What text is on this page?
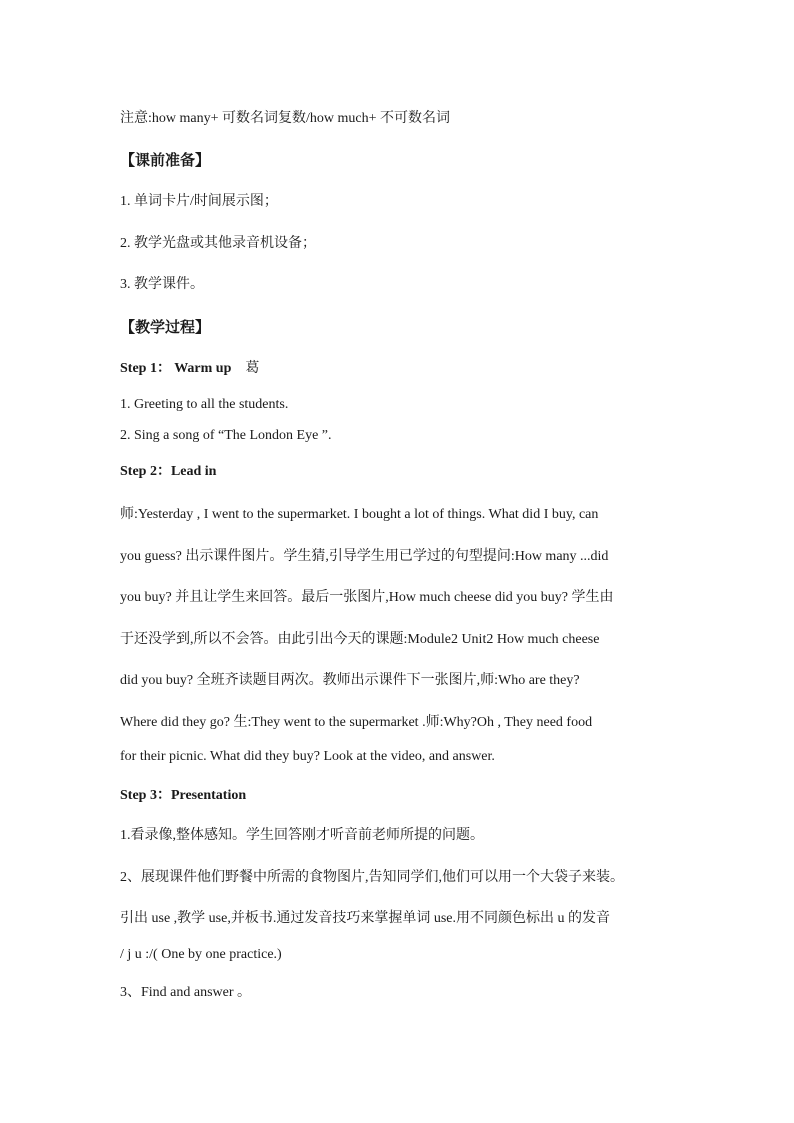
注意:how many+ 可数名词复数/how much+ 不可数名词
【课前准备】
1. 单词卡片/时间展示图；
2. 教学光盘或其他录音机设备；
3. 教学课件。
【教学过程】
Step 1： Warm up 葛
1. Greeting to all the students.
2. Sing a song of “The London Eye ”.
Step 2：Lead in
师:Yesterday , I went to the supermarket. I bought a lot of things. What did I buy, can
you guess? 出示课件图片。学生猜,引导学生用已学过的句型提问:How many ...did
you buy? 并且让学生来回答。最后一张图片,How much cheese did you buy? 学生由
于还没学到,所以不会答。由此引出今天的课题:Module2 Unit2 How much cheese
did you buy? 全班齐读题目两次。教师出示课件下一张图片,师:Who are they?
Where did they go? 生:They went to the supermarket .师:Why?Oh , They need food
for their picnic. What did they buy? Look at the video, and answer.
Step 3：Presentation
1.看录像,整体感知。学生回答刚才听音前老师所提的问题。
2、展现课件他们野餐中所需的食物图片,告知同学们,他们可以用一个大袋子来装。
引出 use ,教学 use,并板书.通过发音技巧来掌握单词 use.用不同颜色标出 u 的发音
/ j u :/( One by one practice.)
3、Find and answer 。
